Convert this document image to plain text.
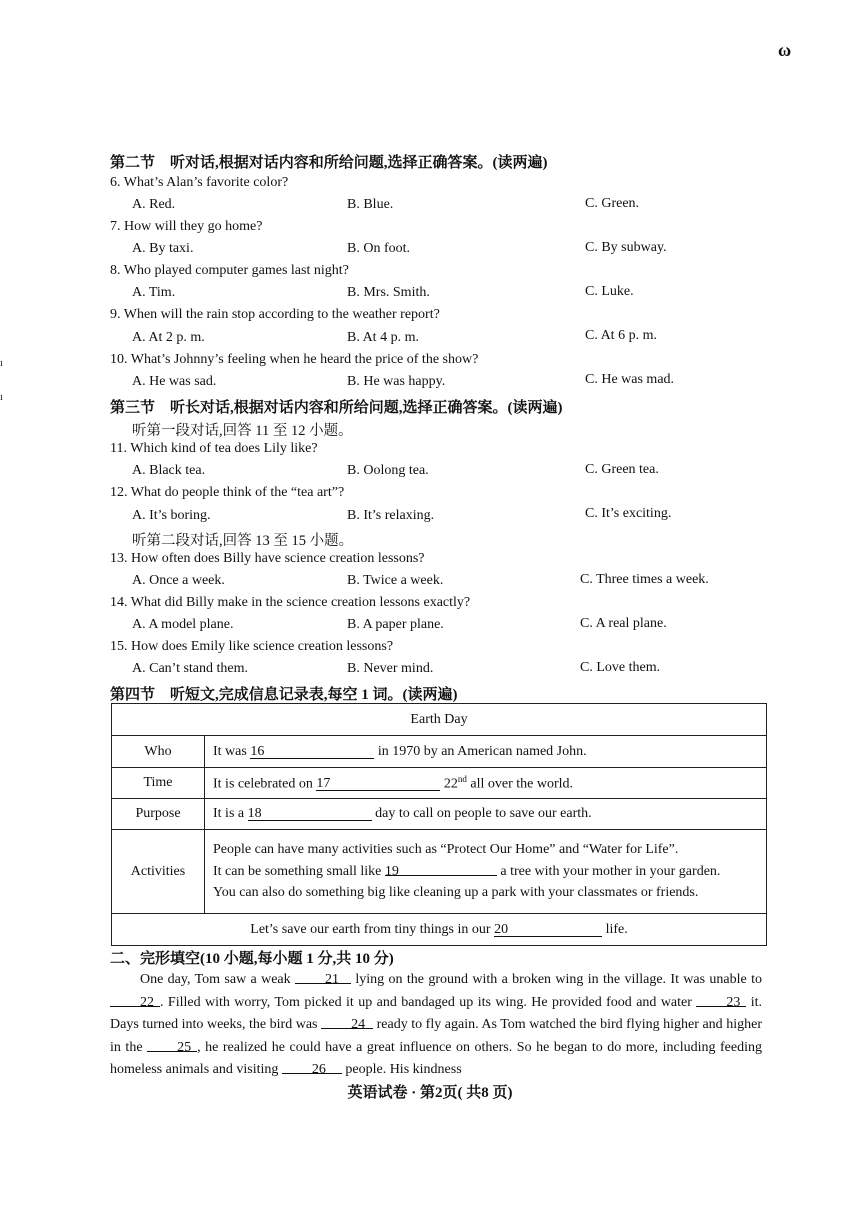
ω
ı
ı
第二节　听对话,根据对话内容和所给问题,选择正确答案。(读两遍)
6. What’s Alan’s favorite color?
A. Red.	B. Blue.	C. Green.
7. How will they go home?
A. By taxi.	B. On foot.	C. By subway.
8. Who played computer games last night?
A. Tim.	B. Mrs. Smith.	C. Luke.
9. When will the rain stop according to the weather report?
A. At 2 p. m.	B. At 4 p. m.	C. At 6 p. m.
10. What’s Johnny’s feeling when he heard the price of the show?
A. He was sad.	B. He was happy.	C. He was mad.
第三节　听长对话,根据对话内容和所给问题,选择正确答案。(读两遍)
听第一段对话,回答 11 至 12 小题。
11. Which kind of tea does Lily like?
A. Black tea.	B. Oolong tea.	C. Green tea.
12. What do people think of the “tea art”?
A. It’s boring.	B. It’s relaxing.	C. It’s exciting.
听第二段对话,回答 13 至 15 小题。
13. How often does Billy have science creation lessons?
A. Once a week.	B. Twice a week.	C. Three times a week.
14. What did Billy make in the science creation lessons exactly?
A. A model plane.	B. A paper plane.	C. A real plane.
15. How does Emily like science creation lessons?
A. Can’t stand them.	B. Never mind.	C. Love them.
第四节　听短文,完成信息记录表,每空 1 词。(读两遍)
Earth Day	
Who	It was 16 in 1970 by an American named John.
Time	It is celebrated on 17 22nd all over the world.
Purpose	It is a 18 day to call on people to save our earth.
Activities	People can have many activities such as “Protect Our Home” and “Water for Life”.
It can be something small like 19 a tree with your mother in your garden.
You can also do something big like cleaning up a park with your classmates or friends.

Let’s save our earth from tiny things in our 20 life.	
二、完形填空(10 小题,每小题 1 分,共 10 分)
One day, Tom saw a weak 21 lying on the ground with a broken wing in the village. It was unable to 22 . Filled with worry, Tom picked it up and bandaged up its wing. He provided food and water 23 it. Days turned into weeks, the bird was 24 ready to fly again. As Tom watched the bird flying higher and higher in the 25 , he realized he could have a great influence on others. So he began to do more, including feeding homeless animals and visiting 26 people. His kindness
英语试卷 · 第2页( 共8 页)
